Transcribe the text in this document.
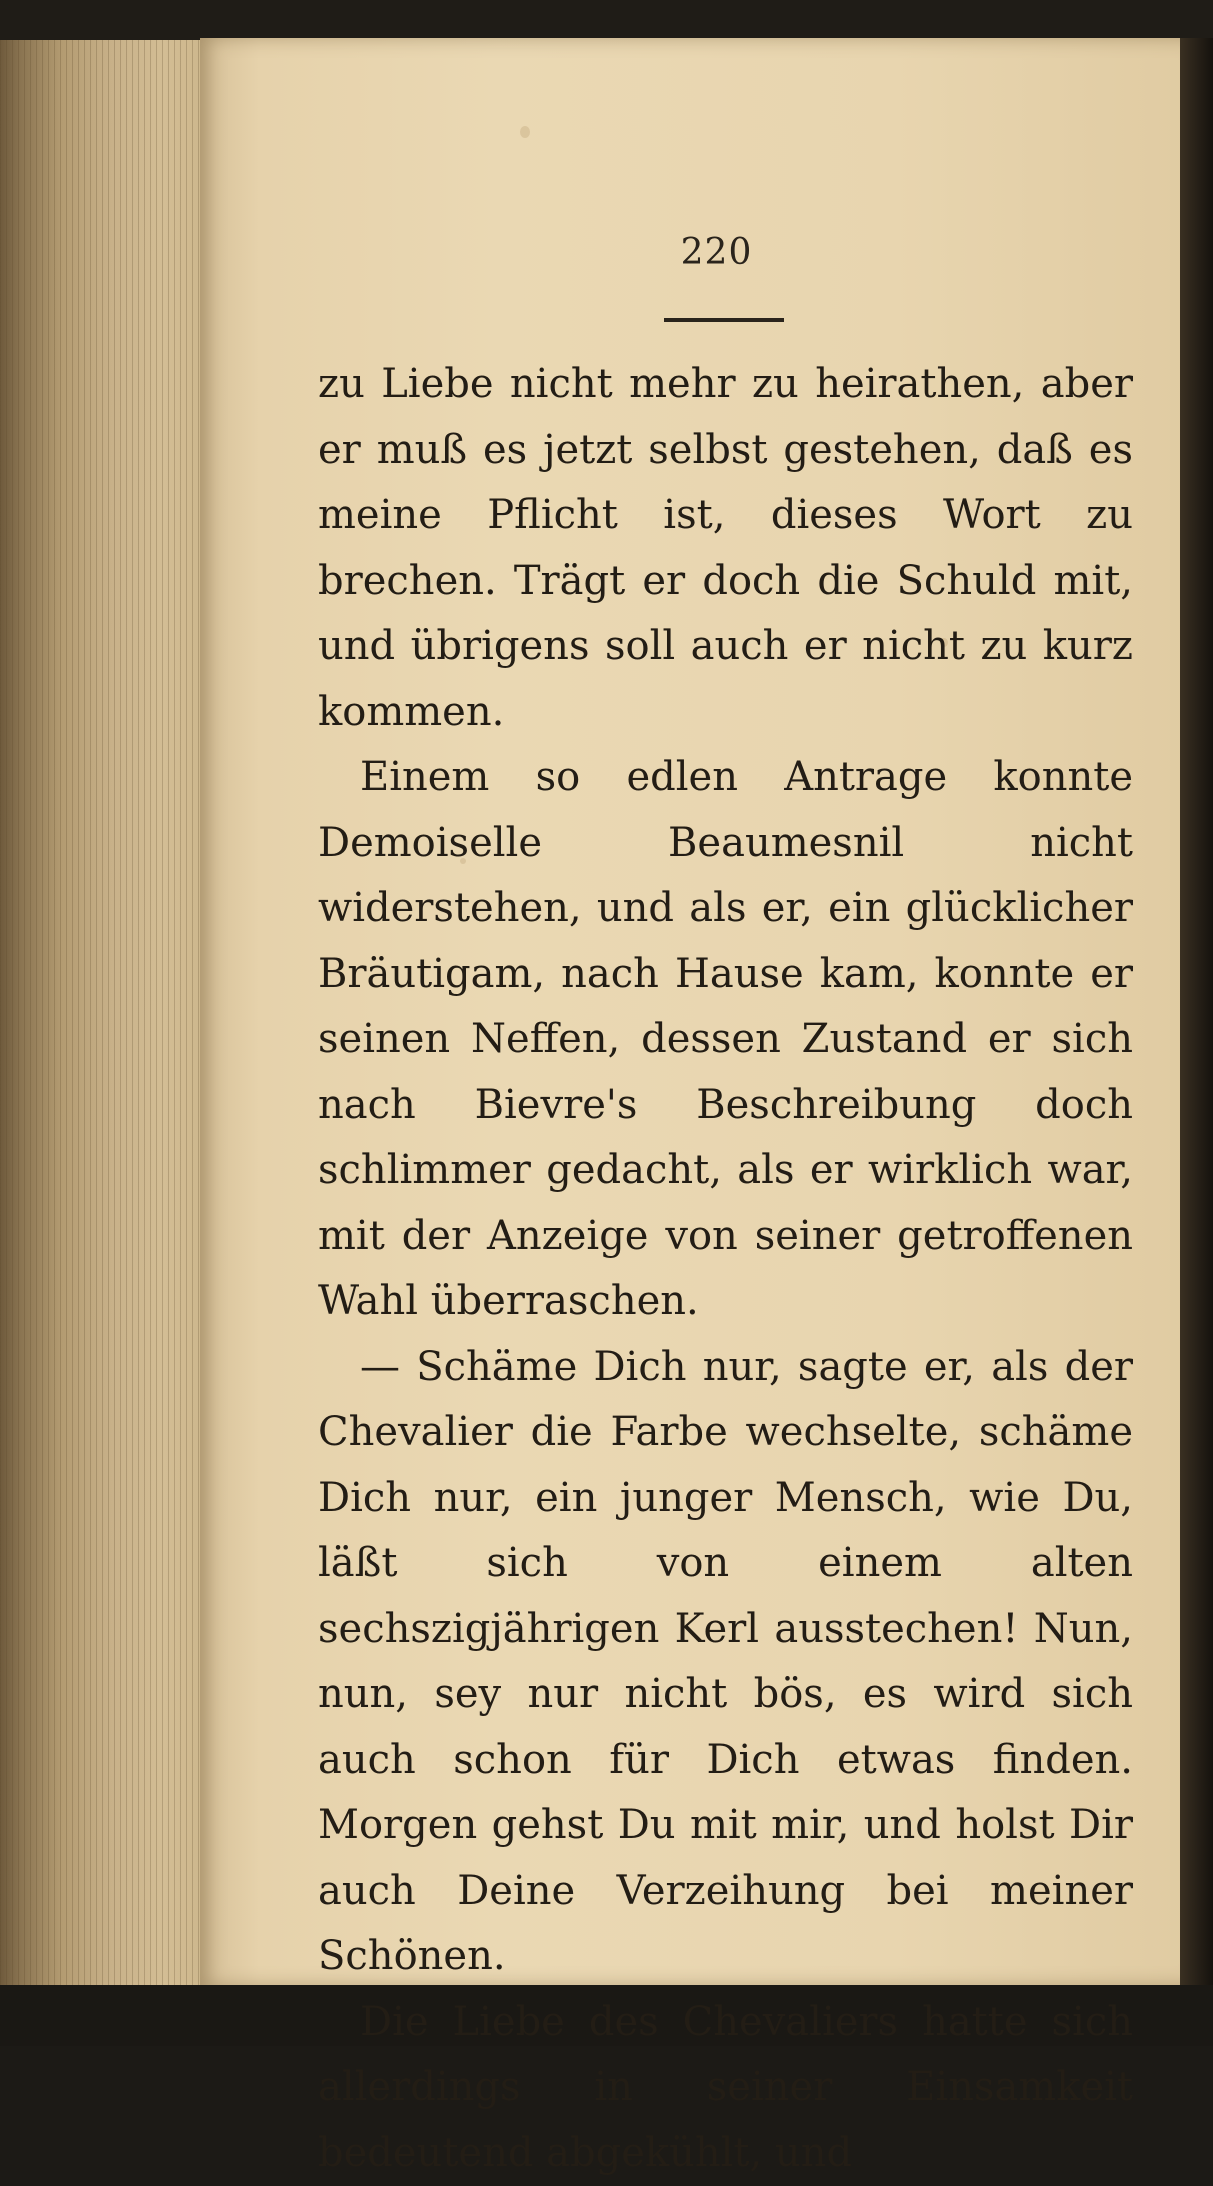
220

zu Liebe nicht mehr zu heirathen, aber er muß es jetzt selbst gestehen, daß es meine Pflicht ist, dieses Wort zu brechen. Trägt er doch die Schuld mit, und übrigens soll auch er nicht zu kurz kommen.

Einem so edlen Antrage konnte Demoiselle Beaumesnil nicht widerstehen, und als er, ein glücklicher Bräutigam, nach Hause kam, konnte er seinen Neffen, dessen Zustand er sich nach Bievre's Beschreibung doch schlimmer gedacht, als er wirklich war, mit der Anzeige von seiner getroffenen Wahl überraschen.

— Schäme Dich nur, sagte er, als der Chevalier die Farbe wechselte, schäme Dich nur, ein junger Mensch, wie Du, läßt sich von einem alten sechszigjährigen Kerl ausstechen! Nun, nun, sey nur nicht bös, es wird sich auch schon für Dich etwas finden. Morgen gehst Du mit mir, und holst Dir auch Deine Verzeihung bei meiner Schönen.

Die Liebe des Chevaliers hatte sich allerdings in seiner Einsamkeit bedeutend abgekühlt, und
